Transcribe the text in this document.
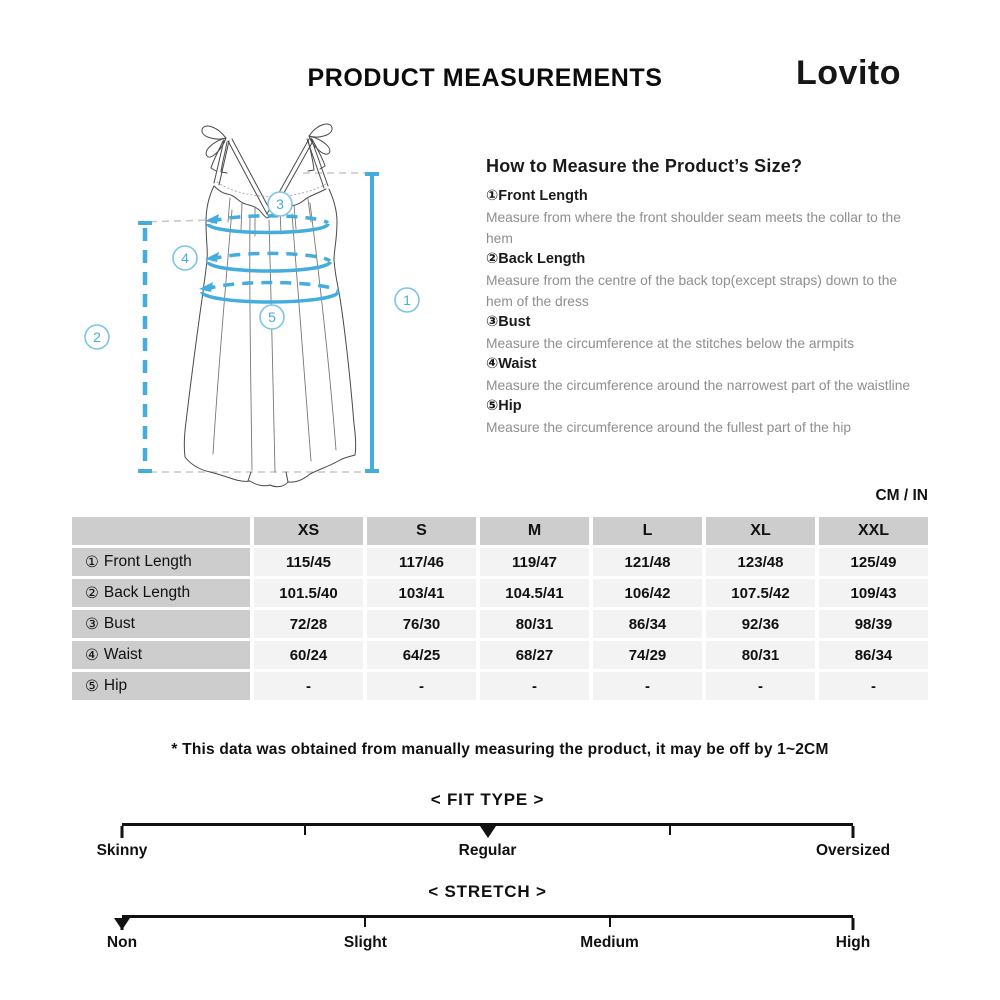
PRODUCT MEASUREMENTS	Lovito
1
2
3
4
5
How to Measure the Product’s Size?
①Front Length
Measure from where the front shoulder seam meets the collar to the hem
②Back Length
Measure from the centre of the back top(except straps) down to the hem of the dress
③Bust
Measure the circumference at the stitches below the armpits
④Waist
Measure the circumference around the narrowest part of the waistline
⑤Hip
Measure the circumference around the fullest part of the hip
CM / IN
XS	S	M	L	XL	XXL
① Front Length	115/45	117/46	119/47	121/48	123/48	125/49
② Back Length	101.5/40	103/41	104.5/41	106/42	107.5/42	109/43
③ Bust	72/28	76/30	80/31	86/34	92/36	98/39
④ Waist	60/24	64/25	68/27	74/29	80/31	86/34
⑤ Hip	-	-	-	-	-	-
* This data was obtained from manually measuring the product, it may be off by 1~2CM
< FIT TYPE >
Skinny	Regular	Oversized
< STRETCH >
Non	Slight	Medium	High
